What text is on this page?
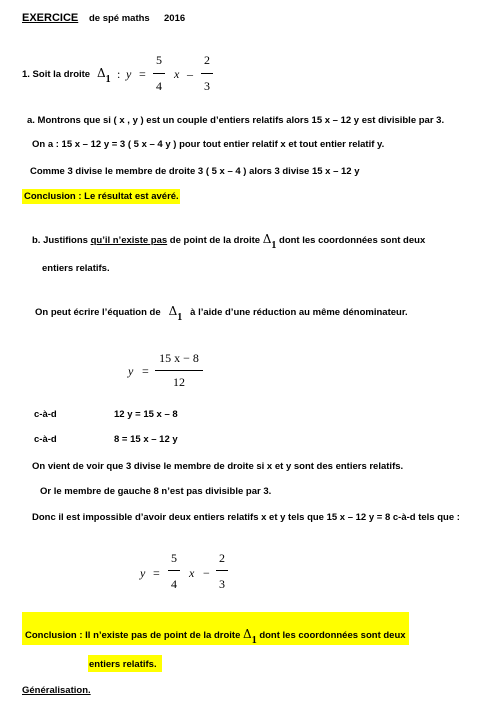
EXERCICE de spé maths 2016
1. Soit la droite Δ1 : y =
5
4
x –
2
3
a. Montrons que si ( x , y ) est un couple d’entiers relatifs alors 15 x – 12 y est divisible par 3.
On a : 15 x – 12 y = 3 ( 5 x – 4 y ) pour tout entier relatif x et tout entier relatif y.
Comme 3 divise le membre de droite 3 ( 5 x – 4 ) alors 3 divise 15 x – 12 y
Conclusion : Le résultat est avéré.
b. Justifions qu’il n’existe pas de point de la droite Δ1 dont les coordonnées sont deux
entiers relatifs.
On peut écrire l’équation de Δ1 à l’aide d’une réduction au même dénominateur.
y =
15 x − 8
12
c-à-d	12 y = 15 x – 8
c-à-d	8 = 15 x – 12 y
On vient de voir que 3 divise le membre de droite si x et y sont des entiers relatifs.
Or le membre de gauche 8 n’est pas divisible par 3.
Donc il est impossible d’avoir deux entiers relatifs x et y tels que 15 x – 12 y = 8 c-à-d tels que :
y =
5
4
x −
2
3
Conclusion : Il n’existe pas de point de la droite Δ1 dont les coordonnées sont deux
entiers relatifs.
Généralisation.
